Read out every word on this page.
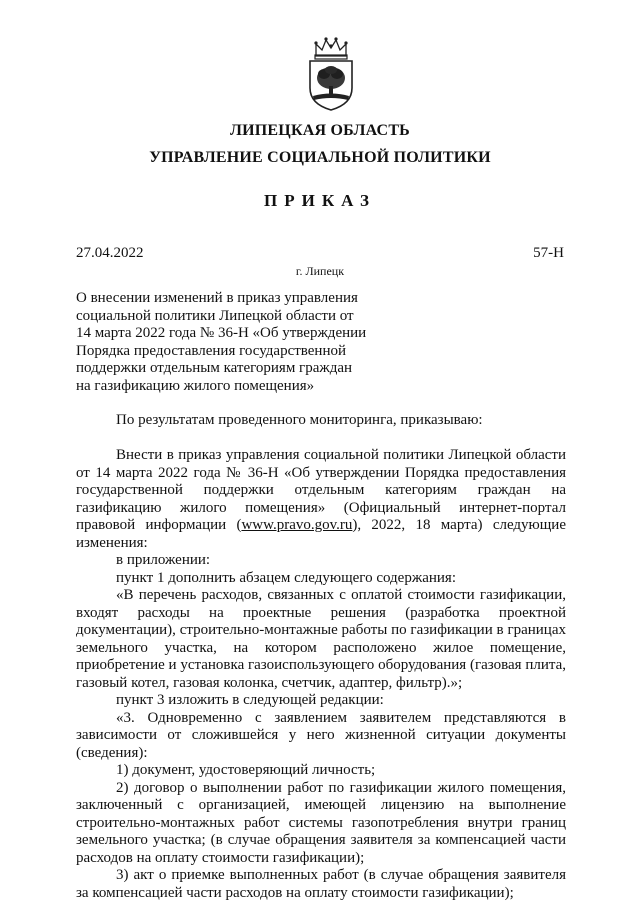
ЛИПЕЦКАЯ ОБЛАСТЬ
УПРАВЛЕНИЕ СОЦИАЛЬНОЙ ПОЛИТИКИ
ПРИКАЗ
27.04.2022	57-Н
г. Липецк
О внесении изменений в приказ управления
социальной политики Липецкой области от
14 марта 2022 года № 36-Н «Об утверждении
Порядка предоставления государственной
поддержки отдельным категориям граждан
на газификацию жилого помещения»

По результатам проведенного мониторинга, приказываю:

Внести в приказ управления социальной политики Липецкой области от 14 марта 2022 года № 36-Н «Об утверждении Порядка предоставления государственной поддержки отдельным категориям граждан на газификацию жилого помещения» (Официальный интернет-портал правовой информации (www.pravo.gov.ru), 2022, 18 марта) следующие изменения:

в приложении:

пункт 1 дополнить абзацем следующего содержания:

«В перечень расходов, связанных с оплатой стоимости газификации, входят расходы на проектные решения (разработка проектной документации), строительно-монтажные работы по газификации в границах земельного участка, на котором расположено жилое помещение, приобретение и установка газоиспользующего оборудования (газовая плита, газовый котел, газовая колонка, счетчик, адаптер, фильтр).»;

пункт 3 изложить в следующей редакции:

«3. Одновременно с заявлением заявителем представляются в зависимости от сложившейся у него жизненной ситуации документы (сведения):

1) документ, удостоверяющий личность;

2) договор о выполнении работ по газификации жилого помещения, заключенный с организацией, имеющей лицензию на выполнение строительно-монтажных работ системы газопотребления внутри границ земельного участка; (в случае обращения заявителя за компенсацией части расходов на оплату стоимости газификации);

3) акт о приемке выполненных работ (в случае обращения заявителя за компенсацией части расходов на оплату стоимости газификации);
